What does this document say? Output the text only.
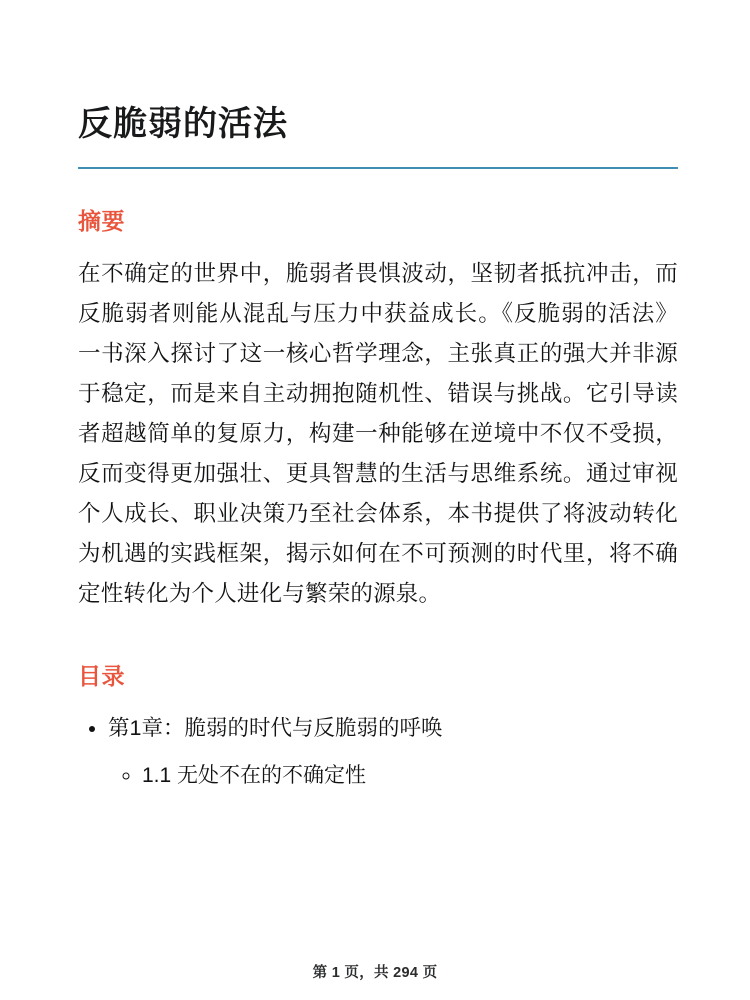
反脆弱的活法
摘要

在不确定的世界中，脆弱者畏惧波动，坚韧者抵抗冲击，而反脆弱者则能从混乱与压力中获益成长。《反脆弱的活法》一书深入探讨了这一核心哲学理念，主张真正的强大并非源于稳定，而是来自主动拥抱随机性、错误与挑战。它引导读者超越简单的复原力，构建一种能够在逆境中不仅不受损，反而变得更加强壮、更具智慧的生活与思维系统。通过审视个人成长、职业决策乃至社会体系，本书提供了将波动转化为机遇的实践框架，揭示如何在不可预测的时代里，将不确定性转化为个人进化与繁荣的源泉。

目录
• 第1章：脆弱的时代与反脆弱的呼唤
◦ 1.1 无处不在的不确定性
第 1 页，共 294 页
